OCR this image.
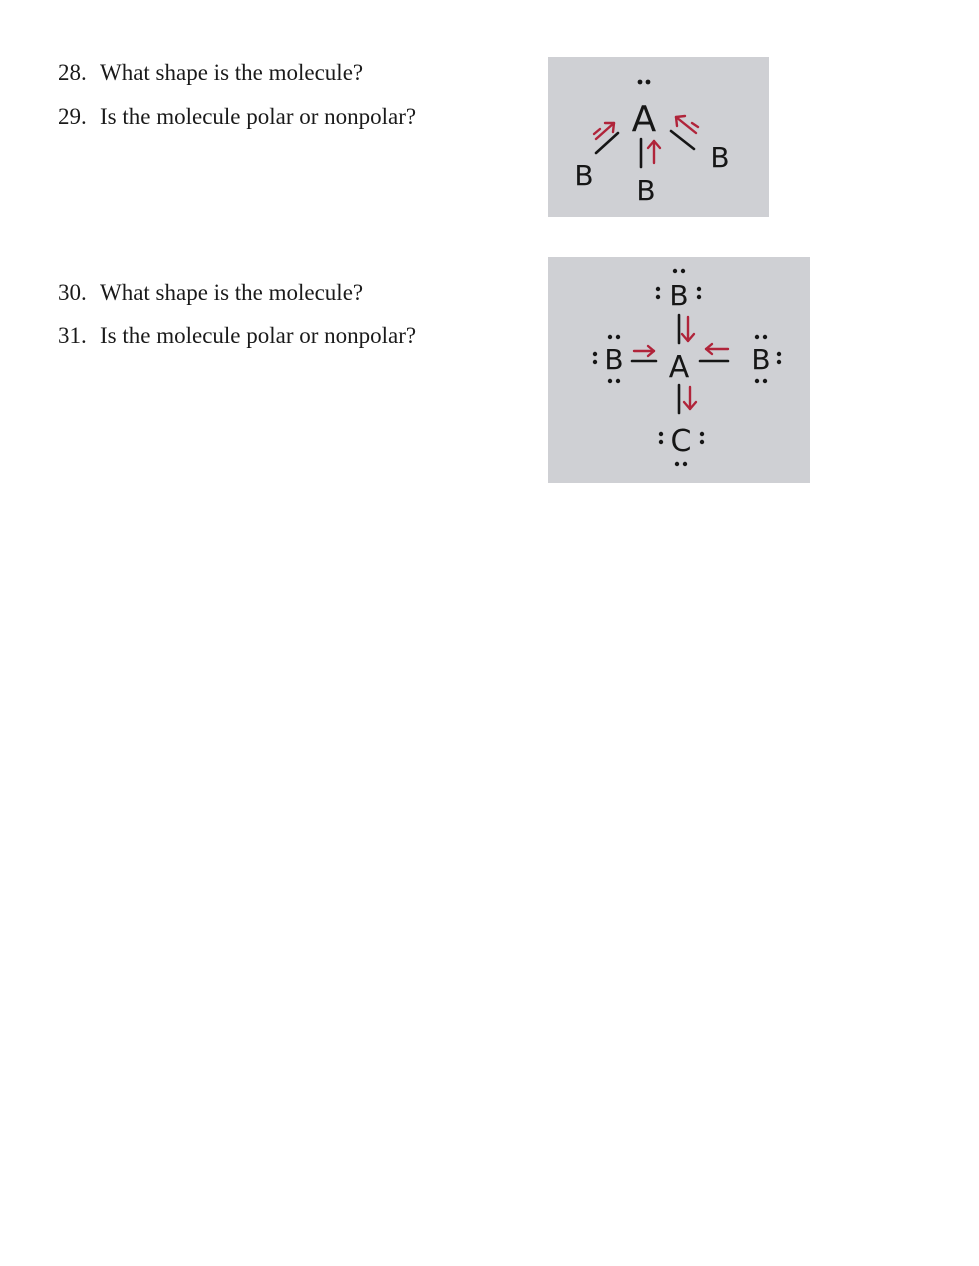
28. What shape is the molecule?
29. Is the molecule polar or nonpolar?
30. What shape is the molecule?
31. Is the molecule polar or nonpolar?
A
B B
B
B
A
B	B
C
